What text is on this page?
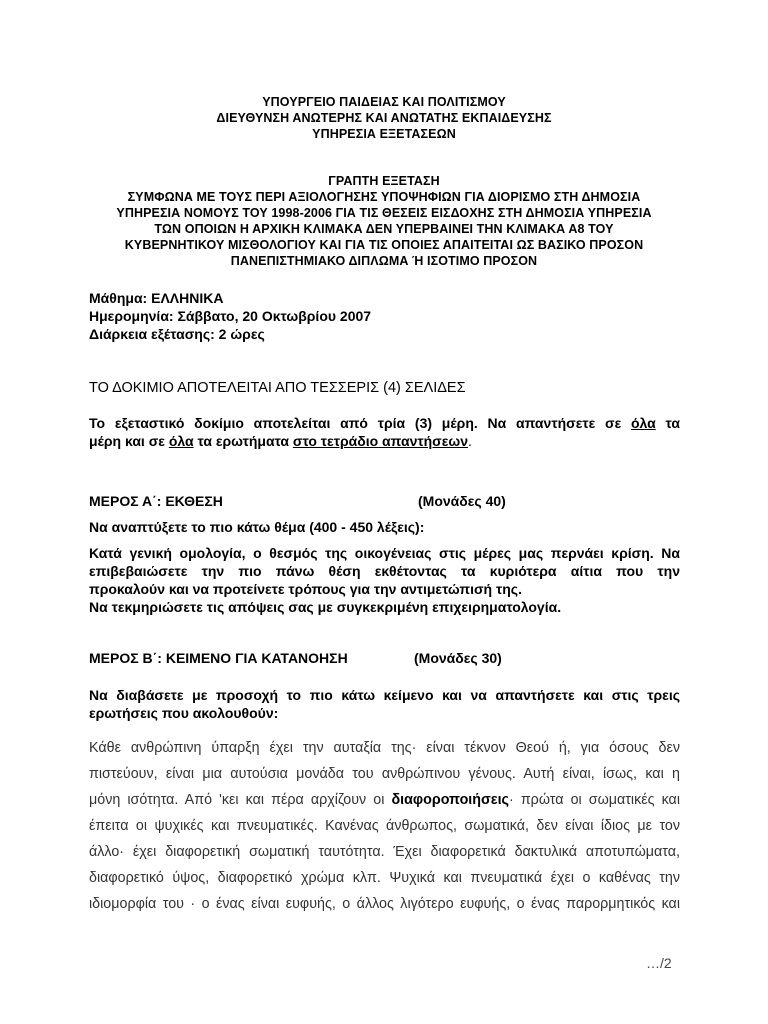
ΥΠΟΥΡΓΕΙΟ ΠΑΙΔΕΙΑΣ ΚΑΙ ΠΟΛΙΤΙΣΜΟΥ
ΔΙΕΥΘΥΝΣΗ ΑΝΩΤΕΡΗΣ ΚΑΙ ΑΝΩΤΑΤΗΣ ΕΚΠΑΙΔΕΥΣΗΣ
ΥΠΗΡΕΣΙΑ ΕΞΕΤΑΣΕΩΝ
ΓΡΑΠΤΗ ΕΞΕΤΑΣΗ
ΣΥΜΦΩΝΑ ΜΕ ΤΟΥΣ ΠΕΡΙ ΑΞΙΟΛΟΓΗΣΗΣ ΥΠΟΨΗΦΙΩΝ ΓΙΑ ΔΙΟΡΙΣΜΟ ΣΤΗ ΔΗΜΟΣΙΑ
ΥΠΗΡΕΣΙΑ ΝΟΜΟΥΣ ΤΟΥ 1998-2006 ΓΙΑ ΤΙΣ ΘΕΣΕΙΣ ΕΙΣΔΟΧΗΣ ΣΤΗ ΔΗΜΟΣΙΑ ΥΠΗΡΕΣΙΑ
ΤΩΝ ΟΠΟΙΩΝ Η ΑΡΧΙΚΗ ΚΛΙΜΑΚΑ ΔΕΝ ΥΠΕΡΒΑΙΝΕΙ ΤΗΝ ΚΛΙΜΑΚΑ Α8 ΤΟΥ
ΚΥΒΕΡΝΗΤΙΚΟΥ ΜΙΣΘΟΛΟΓΙΟΥ ΚΑΙ ΓΙΑ ΤΙΣ ΟΠΟΙΕΣ ΑΠΑΙΤΕΙΤΑΙ ΩΣ ΒΑΣΙΚΟ ΠΡΟΣΟΝ
ΠΑΝΕΠΙΣΤΗΜΙΑΚΟ ΔΙΠΛΩΜΑ Ή ΙΣΟΤΙΜΟ ΠΡΟΣΟΝ
Μάθημα: ΕΛΛΗΝΙΚΑ
Ημερομηνία: Σάββατο, 20 Οκτωβρίου 2007
Διάρκεια εξέτασης: 2 ώρες
ΤΟ ΔΟΚΙΜΙΟ ΑΠΟΤΕΛΕΙΤΑΙ ΑΠΟ ΤΕΣΣΕΡΙΣ (4) ΣΕΛΙΔΕΣ
Το εξεταστικό δοκίμιο αποτελείται από τρία (3) μέρη. Να απαντήσετε σε όλα τα
μέρη και σε όλα τα ερωτήματα στο τετράδιο απαντήσεων.
ΜΕΡΟΣ Α΄: ΕΚΘΕΣΗ	(Μονάδες 40)
Να αναπτύξετε το πιο κάτω θέμα (400 - 450 λέξεις):
Κατά γενική ομολογία, ο θεσμός της οικογένειας στις μέρες μας περνάει κρίση. Να
επιβεβαιώσετε την πιο πάνω θέση εκθέτοντας τα κυριότερα αίτια που την
προκαλούν και να προτείνετε τρόπους για την αντιμετώπισή της.
Να τεκμηριώσετε τις απόψεις σας με συγκεκριμένη επιχειρηματολογία.
ΜΕΡΟΣ Β΄: ΚΕΙΜΕΝΟ ΓΙΑ ΚΑΤΑΝΟΗΣΗ	(Μονάδες 30)
Να διαβάσετε με προσοχή το πιο κάτω κείμενο και να απαντήσετε και στις τρεις
ερωτήσεις που ακολουθούν:
Κάθε ανθρώπινη ύπαρξη έχει την αυταξία της· είναι τέκνον Θεού ή, για όσους δεν
πιστεύουν, είναι μια αυτούσια μονάδα του ανθρώπινου γένους. Αυτή είναι, ίσως, και η
μόνη ισότητα. Από 'κει και πέρα αρχίζουν οι διαφοροποιήσεις· πρώτα οι σωματικές και
έπειτα οι ψυχικές και πνευματικές. Κανένας άνθρωπος, σωματικά, δεν είναι ίδιος με τον
άλλο· έχει διαφορετική σωματική ταυτότητα. Έχει διαφορετικά δακτυλικά αποτυπώματα,
διαφορετικό ύψος, διαφορετικό χρώμα κλπ. Ψυχικά και πνευματικά έχει ο καθένας την
ιδιομορφία του · ο ένας είναι ευφυής, ο άλλος λιγότερο ευφυής, ο ένας παρορμητικός και
…/2
